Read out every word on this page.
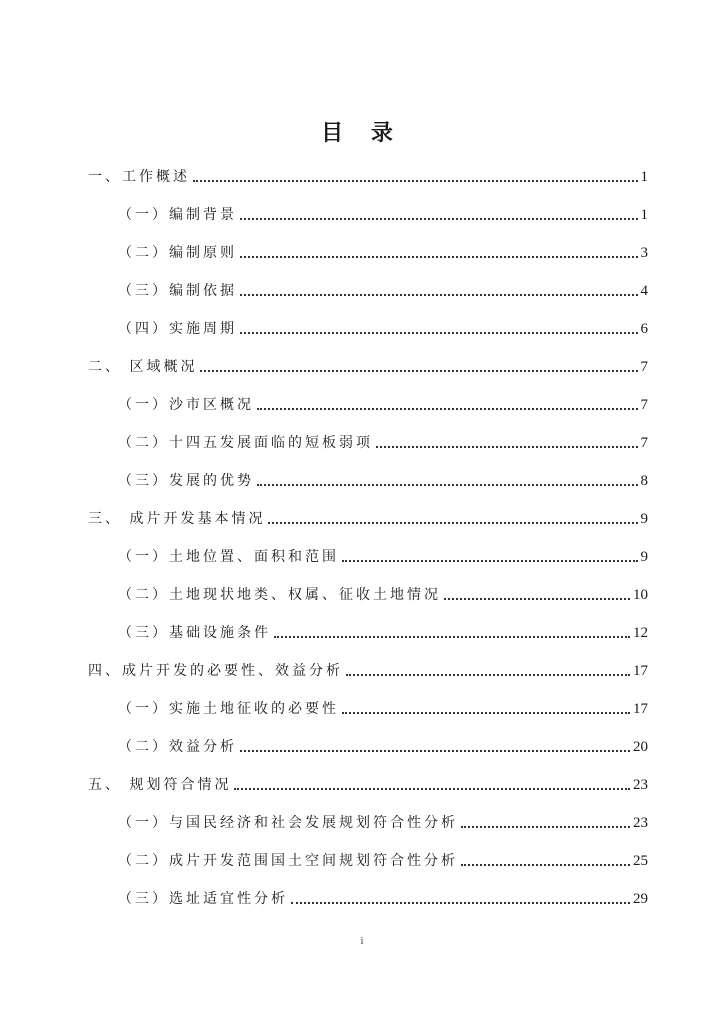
目 录
一、工作概述	1
（一）编制背景	1
（二）编制原则	3
（三）编制依据	4
（四）实施周期	6
二、 区域概况	7
（一）沙市区概况	7
（二）十四五发展面临的短板弱项	7
（三）发展的优势	8
三、 成片开发基本情况	9
（一）土地位置、面积和范围	9
（二）土地现状地类、权属、征收土地情况	10
（三）基础设施条件	12
四、成片开发的必要性、效益分析	17
（一）实施土地征收的必要性	17
（二）效益分析	20
五、 规划符合情况	23
（一）与国民经济和社会发展规划符合性分析	23
（二）成片开发范围国土空间规划符合性分析	25
（三）选址适宜性分析	29
i
